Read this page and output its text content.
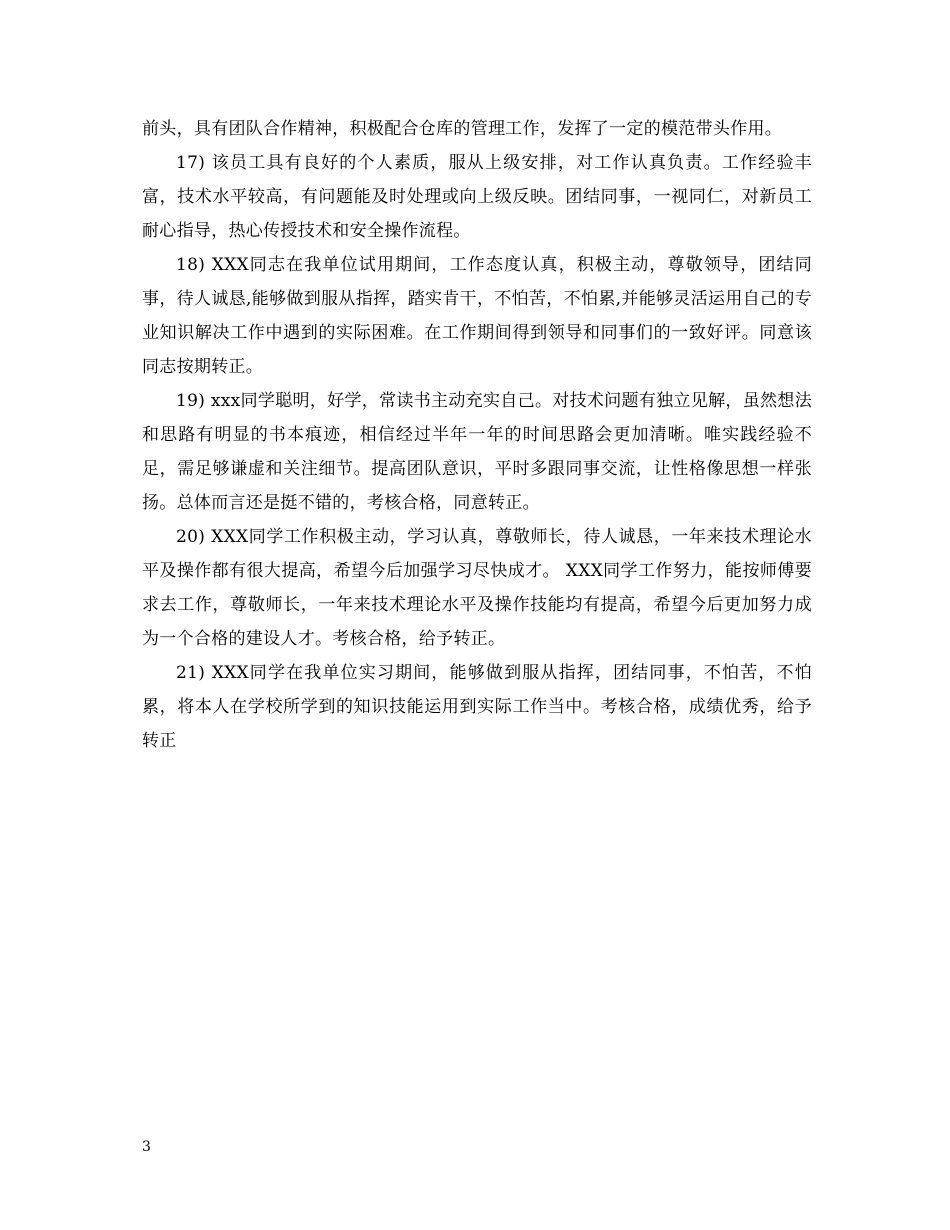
前头，具有团队合作精神，积极配合仓库的管理工作，发挥了一定的模范带头作用。

17) 该员工具有良好的个人素质，服从上级安排，对工作认真负责。工作经验丰富，技术水平较高，有问题能及时处理或向上级反映。团结同事，一视同仁，对新员工耐心指导，热心传授技术和安全操作流程。

18) XXX同志在我单位试用期间，工作态度认真，积极主动，尊敬领导，团结同事，待人诚恳,能够做到服从指挥，踏实肯干，不怕苦，不怕累,并能够灵活运用自己的专业知识解决工作中遇到的实际困难。在工作期间得到领导和同事们的一致好评。同意该同志按期转正。

19) xxx同学聪明，好学，常读书主动充实自己。对技术问题有独立见解，虽然想法和思路有明显的书本痕迹，相信经过半年一年的时间思路会更加清晰。唯实践经验不足，需足够谦虚和关注细节。提高团队意识，平时多跟同事交流，让性格像思想一样张扬。总体而言还是挺不错的，考核合格，同意转正。

20) XXX同学工作积极主动，学习认真，尊敬师长，待人诚恳，一年来技术理论水平及操作都有很大提高，希望今后加强学习尽快成才。 XXX同学工作努力，能按师傅要求去工作，尊敬师长，一年来技术理论水平及操作技能均有提高，希望今后更加努力成为一个合格的建设人才。考核合格，给予转正。

21) XXX同学在我单位实习期间，能够做到服从指挥，团结同事，不怕苦，不怕累，将本人在学校所学到的知识技能运用到实际工作当中。考核合格，成绩优秀，给予转正

3
